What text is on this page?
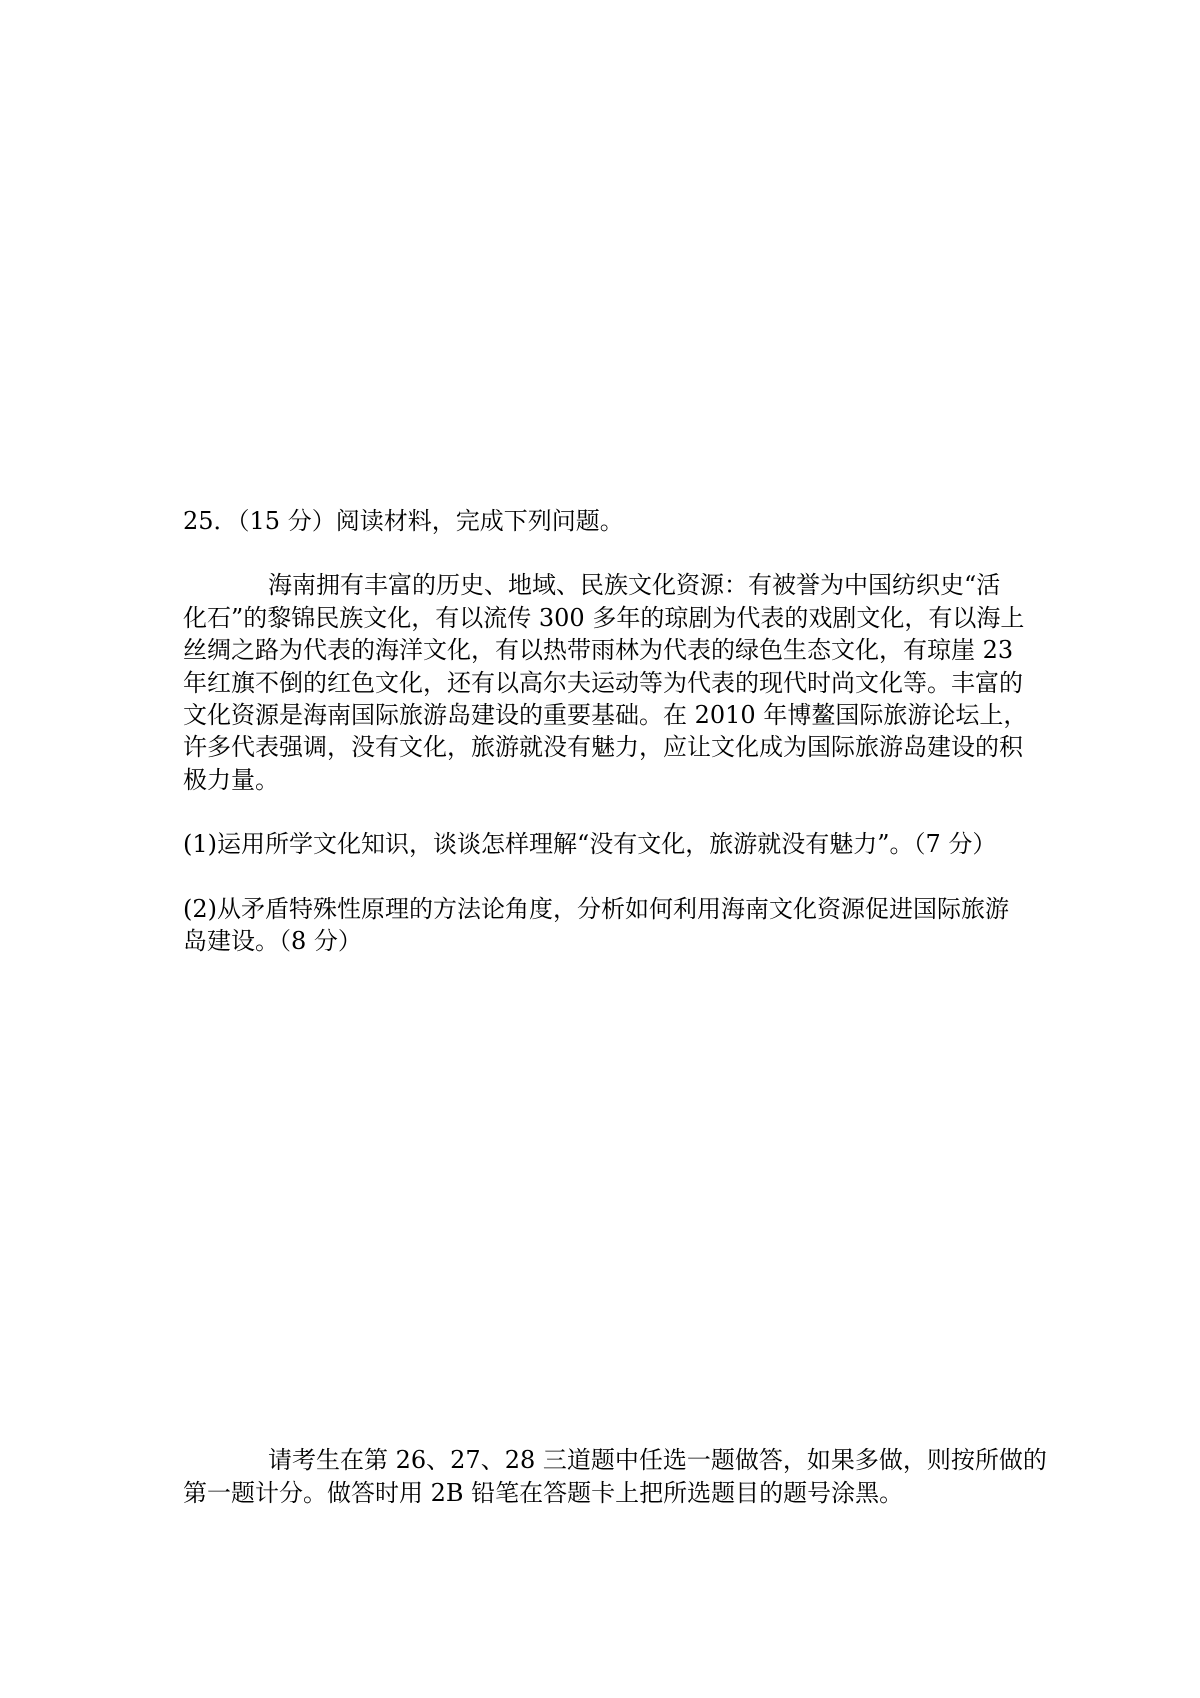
25．（15 分）阅读材料，完成下列问题。
海南拥有丰富的历史、地域、民族文化资源：有被誉为中国纺织史“活
化石”的黎锦民族文化，有以流传 300 多年的琼剧为代表的戏剧文化，有以海上
丝绸之路为代表的海洋文化，有以热带雨林为代表的绿色生态文化，有琼崖 23
年红旗不倒的红色文化，还有以高尔夫运动等为代表的现代时尚文化等。丰富的
文化资源是海南国际旅游岛建设的重要基础。在 2010 年博鳌国际旅游论坛上，
许多代表强调，没有文化，旅游就没有魅力，应让文化成为国际旅游岛建设的积
极力量。
(1)运用所学文化知识，谈谈怎样理解“没有文化，旅游就没有魅力”。（7 分）
(2)从矛盾特殊性原理的方法论角度，分析如何利用海南文化资源促进国际旅游
岛建设。（8 分）
请考生在第 26、27、28 三道题中任选一题做答，如果多做，则按所做的
第一题计分。做答时用 2B 铅笔在答题卡上把所选题目的题号涂黑。
